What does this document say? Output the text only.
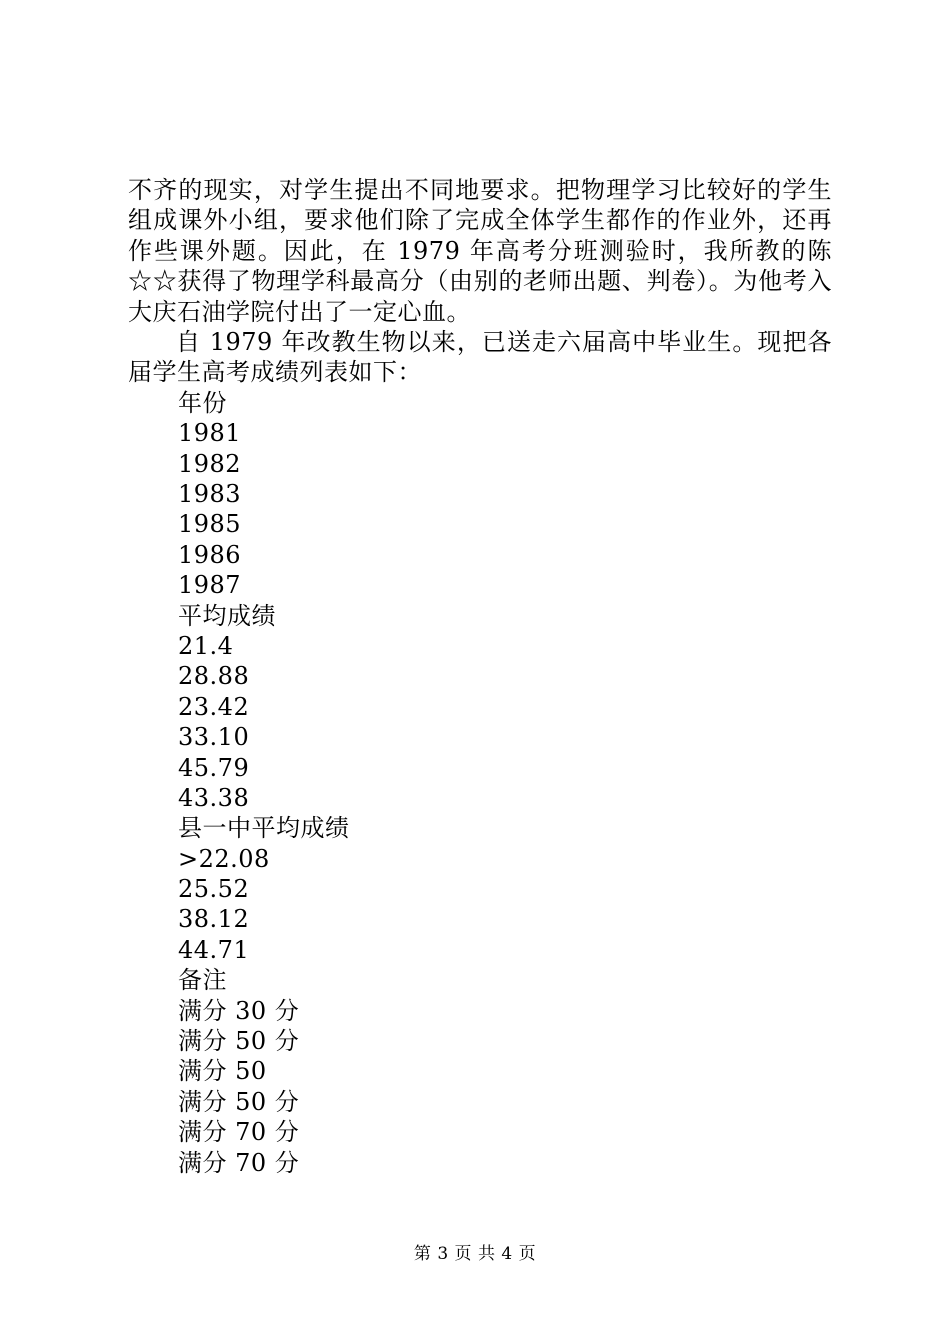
不齐的现实，对学生提出不同地要求。把物理学习比较好的学生组成课外小组，要求他们除了完成全体学生都作的作业外，还再作些课外题。因此，在 1979 年高考分班测验时，我所教的陈☆☆获得了物理学科最高分（由别的老师出题、判卷）。为他考入大庆石油学院付出了一定心血。

自 1979 年改教生物以来，已送走六届高中毕业生。现把各届学生高考成绩列表如下：

年份
1981
1982
1983
1985
1986
1987
平均成绩
21.4
28.88
23.42
33.10
45.79
43.38
县一中平均成绩
>22.08
25.52
38.12
44.71
备注
满分 30 分
满分 50 分
满分 50
满分 50 分
满分 70 分
满分 70 分
第 3 页 共 4 页
